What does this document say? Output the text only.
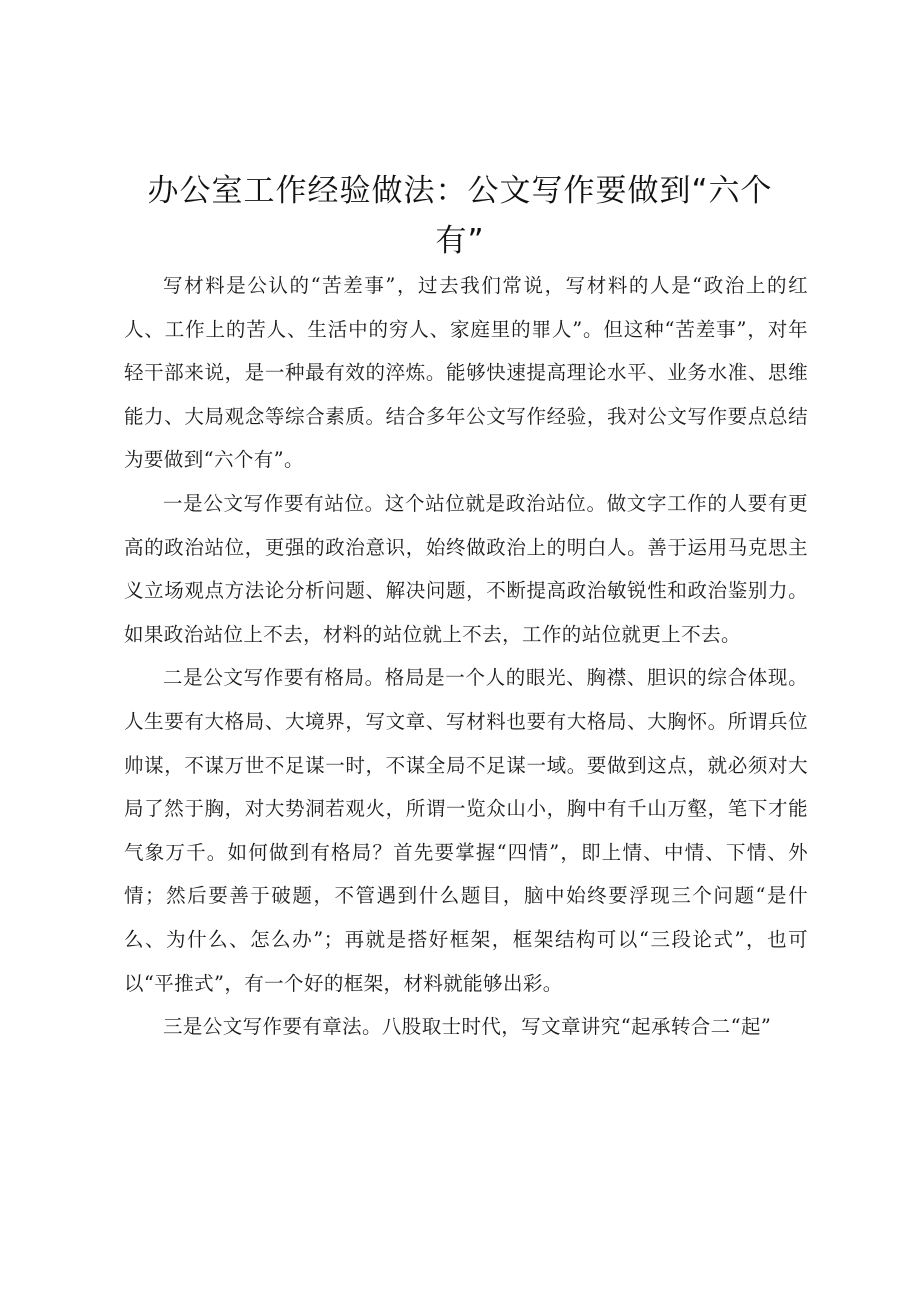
办公室工作经验做法：公文写作要做到“六个有”

写材料是公认的“苦差事”，过去我们常说，写材料的人是“政治上的红人、工作上的苦人、生活中的穷人、家庭里的罪人”。但这种“苦差事”，对年轻干部来说，是一种最有效的淬炼。能够快速提高理论水平、业务水准、思维能力、大局观念等综合素质。结合多年公文写作经验，我对公文写作要点总结为要做到“六个有”。

一是公文写作要有站位。这个站位就是政治站位。做文字工作的人要有更高的政治站位，更强的政治意识，始终做政治上的明白人。善于运用马克思主义立场观点方法论分析问题、解决问题，不断提高政治敏锐性和政治鉴别力。如果政治站位上不去，材料的站位就上不去，工作的站位就更上不去。

二是公文写作要有格局。格局是一个人的眼光、胸襟、胆识的综合体现。人生要有大格局、大境界，写文章、写材料也要有大格局、大胸怀。所谓兵位帅谋，不谋万世不足谋一时，不谋全局不足谋一域。要做到这点，就必须对大局了然于胸，对大势洞若观火，所谓一览众山小，胸中有千山万壑，笔下才能气象万千。如何做到有格局？首先要掌握“四情”，即上情、中情、下情、外情；然后要善于破题，不管遇到什么题目，脑中始终要浮现三个问题“是什么、为什么、怎么办”；再就是搭好框架，框架结构可以“三段论式”，也可以“平推式”，有一个好的框架，材料就能够出彩。

三是公文写作要有章法。八股取士时代，写文章讲究“起承转合二“起”
